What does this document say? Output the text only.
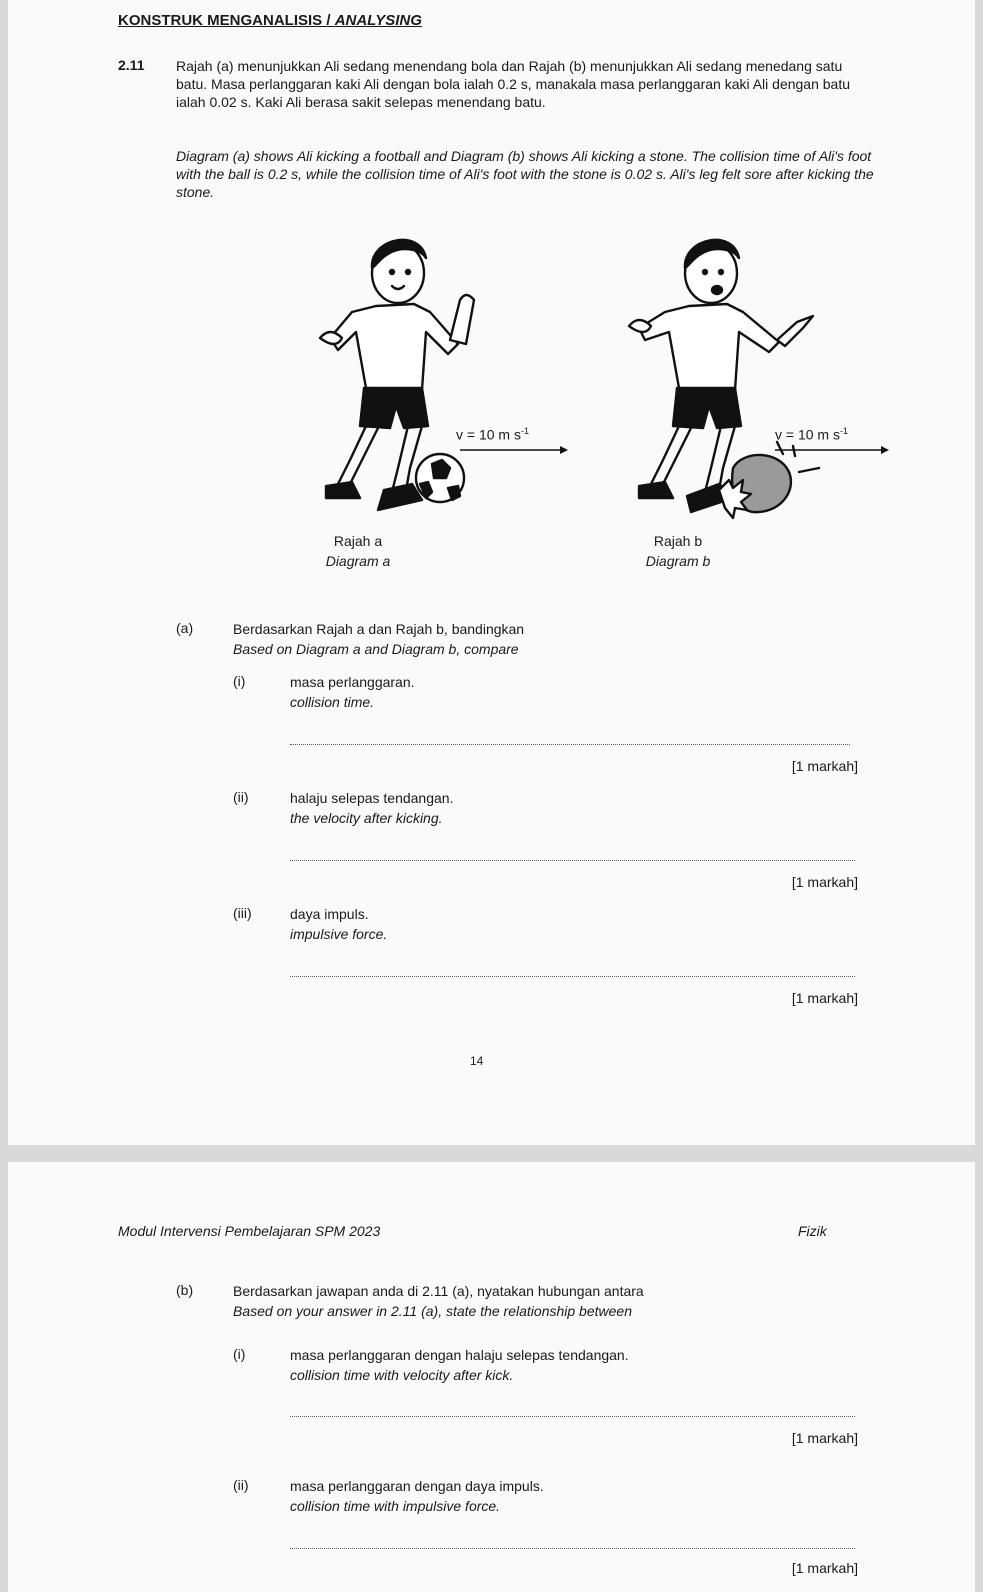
KONSTRUK MENGANALISIS / ANALYSING
2.11 Rajah (a) menunjukkan Ali sedang menendang bola dan Rajah (b) menunjukkan Ali sedang menedang satu batu. Masa perlanggaran kaki Ali dengan bola ialah 0.2 s, manakala masa perlanggaran kaki Ali dengan batu ialah 0.02 s. Kaki Ali berasa sakit selepas menendang batu.
Diagram (a) shows Ali kicking a football and Diagram (b) shows Ali kicking a stone. The collision time of Ali's foot with the ball is 0.2 s, while the collision time of Ali's foot with the stone is 0.02 s. Ali's leg felt sore after kicking the stone.
v = 10 m $s^{-1}$
Rajah a
Diagram a
v = 10 m $s^{-1}$
Rajah b
Diagram b
(a)	Berdasarkan Rajah a dan Rajah b, bandingkan
Based on Diagram a and Diagram b, compare
(i)	masa perlanggaran.
collision time.
[1 markah]
(ii)	halaju selepas tendangan.
the velocity after kicking.
[1 markah]
(iii)	daya impuls.
impulsive force.
[1 markah]
14
Modul Intervensi Pembelajaran SPM 2023	Fizik
(b)	Berdasarkan jawapan anda di 2.11 (a), nyatakan hubungan antara
Based on your answer in 2.11 (a), state the relationship between
(i)	masa perlanggaran dengan halaju selepas tendangan.
collision time with velocity after kick.
[1 markah]
(ii)	masa perlanggaran dengan daya impuls.
collision time with impulsive force.
[1 markah]
